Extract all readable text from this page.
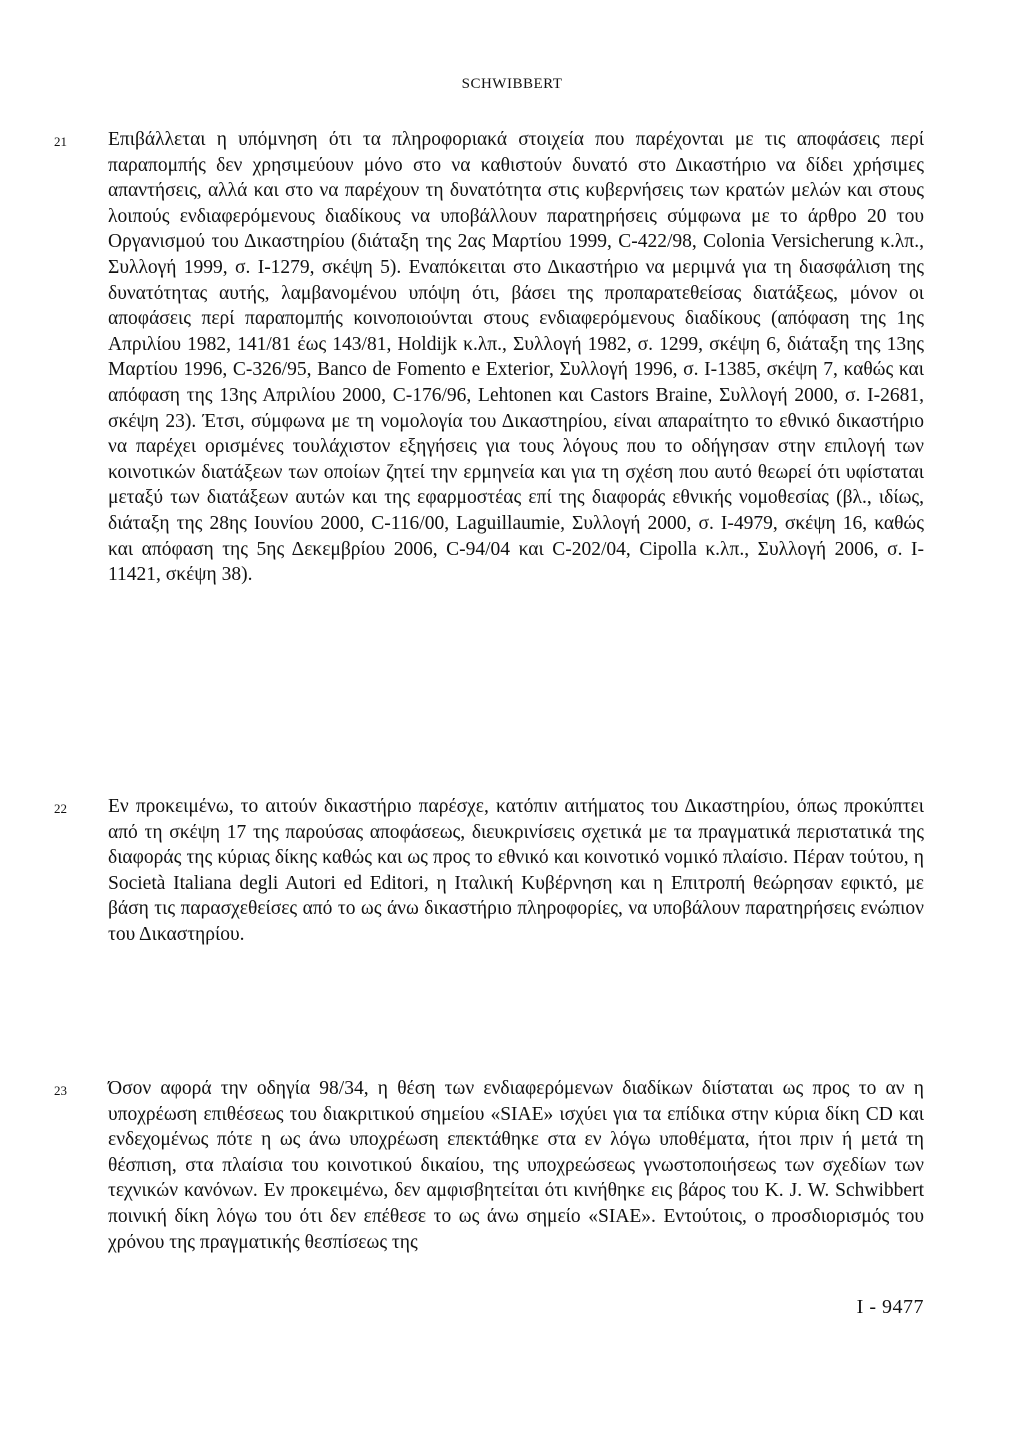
SCHWIBBERT
21 Επιβάλλεται η υπόμνηση ότι τα πληροφοριακά στοιχεία που παρέχονται με τις αποφάσεις περί παραπομπής δεν χρησιμεύουν μόνο στο να καθιστούν δυνατό στο Δικαστήριο να δίδει χρήσιμες απαντήσεις, αλλά και στο να παρέχουν τη δυνατότητα στις κυβερνήσεις των κρατών μελών και στους λοιπούς ενδιαφερόμενους διαδίκους να υποβάλλουν παρατηρήσεις σύμφωνα με το άρθρο 20 του Οργανισμού του Δικαστηρίου (διάταξη της 2ας Μαρτίου 1999, C-422/98, Colonia Versicherung κ.λπ., Συλλογή 1999, σ. I-1279, σκέψη 5). Εναπόκειται στο Δικαστήριο να μεριμνά για τη διασφάλιση της δυνατότητας αυτής, λαμβανομένου υπόψη ότι, βάσει της προπαρατεθείσας διατάξεως, μόνον οι αποφάσεις περί παραπομπής κοινοποιούνται στους ενδιαφερόμενους διαδίκους (απόφαση της 1ης Απριλίου 1982, 141/81 έως 143/81, Holdijk κ.λπ., Συλλογή 1982, σ. 1299, σκέψη 6, διάταξη της 13ης Μαρτίου 1996, C-326/95, Banco de Fomento e Exterior, Συλλογή 1996, σ. I-1385, σκέψη 7, καθώς και απόφαση της 13ης Απριλίου 2000, C-176/96, Lehtonen και Castors Braine, Συλλογή 2000, σ. I-2681, σκέψη 23). Έτσι, σύμφωνα με τη νομολογία του Δικαστηρίου, είναι απαραίτητο το εθνικό δικαστήριο να παρέχει ορισμένες τουλάχιστον εξηγήσεις για τους λόγους που το οδήγησαν στην επιλογή των κοινοτικών διατάξεων των οποίων ζητεί την ερμηνεία και για τη σχέση που αυτό θεωρεί ότι υφίσταται μεταξύ των διατάξεων αυτών και της εφαρμοστέας επί της διαφοράς εθνικής νομοθεσίας (βλ., ιδίως, διάταξη της 28ης Ιουνίου 2000, C-116/00, Laguillaumie, Συλλογή 2000, σ. I-4979, σκέψη 16, καθώς και απόφαση της 5ης Δεκεμβρίου 2006, C-94/04 και C-202/04, Cipolla κ.λπ., Συλλογή 2006, σ. I-11421, σκέψη 38).
22 Εν προκειμένω, το αιτούν δικαστήριο παρέσχε, κατόπιν αιτήματος του Δικαστηρίου, όπως προκύπτει από τη σκέψη 17 της παρούσας αποφάσεως, διευκρινίσεις σχετικά με τα πραγματικά περιστατικά της διαφοράς της κύριας δίκης καθώς και ως προς το εθνικό και κοινοτικό νομικό πλαίσιο. Πέραν τούτου, η Società Italiana degli Autori ed Editori, η Ιταλική Κυβέρνηση και η Επιτροπή θεώρησαν εφικτό, με βάση τις παρασχεθείσες από το ως άνω δικαστήριο πληροφορίες, να υποβάλουν παρατηρήσεις ενώπιον του Δικαστηρίου.
23 Όσον αφορά την οδηγία 98/34, η θέση των ενδιαφερόμενων διαδίκων διίσταται ως προς το αν η υποχρέωση επιθέσεως του διακριτικού σημείου «SIAE» ισχύει για τα επίδικα στην κύρια δίκη CD και ενδεχομένως πότε η ως άνω υποχρέωση επεκτάθηκε στα εν λόγω υποθέματα, ήτοι πριν ή μετά τη θέσπιση, στα πλαίσια του κοινοτικού δικαίου, της υποχρεώσεως γνωστοποιήσεως των σχεδίων των τεχνικών κανόνων. Εν προκειμένω, δεν αμφισβητείται ότι κινήθηκε εις βάρος του K. J. W. Schwibbert ποινική δίκη λόγω του ότι δεν επέθεσε το ως άνω σημείο «SIAE». Εντούτοις, ο προσδιορισμός του χρόνου της πραγματικής θεσπίσεως της
I - 9477
